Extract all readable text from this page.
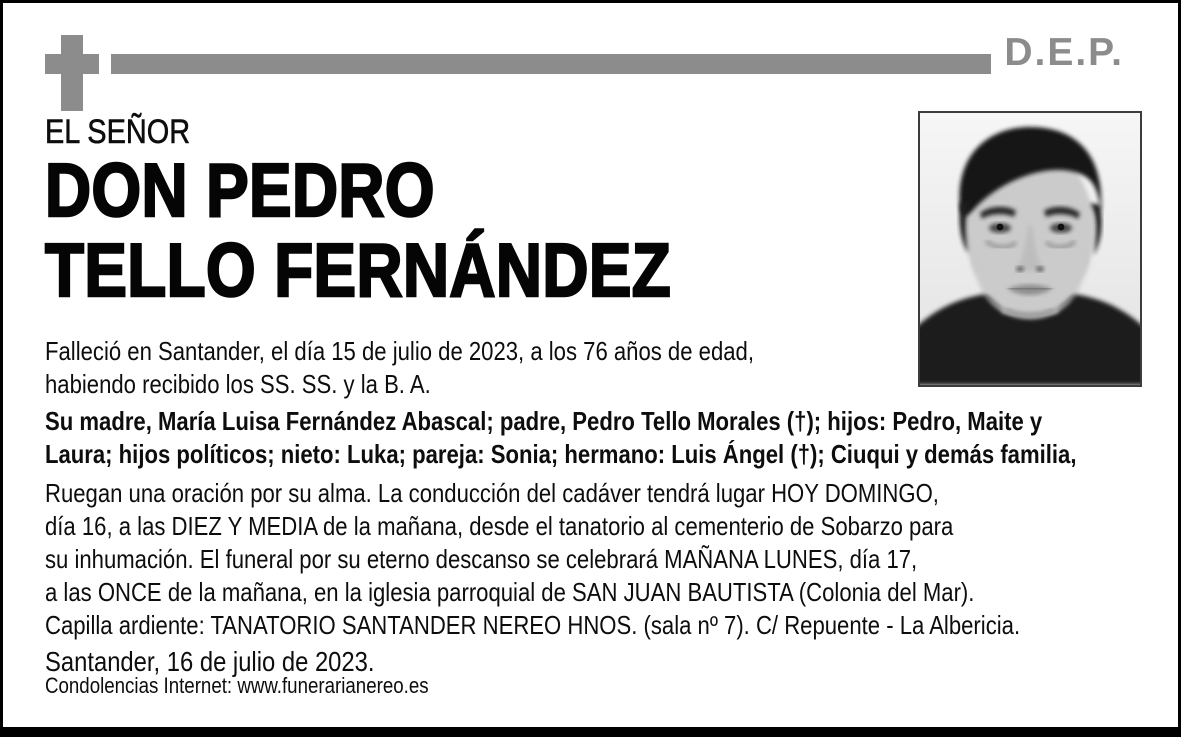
D.E.P.
EL SEÑOR
DON PEDRO
TELLO FERNÁNDEZ
Falleció en Santander, el día 15 de julio de 2023, a los 76 años de edad,
habiendo recibido los SS. SS. y la B. A.
Su madre, María Luisa Fernández Abascal; padre, Pedro Tello Morales (†); hijos: Pedro, Maite y
Laura; hijos políticos; nieto: Luka; pareja: Sonia; hermano: Luis Ángel (†); Ciuqui y demás familia,
Ruegan una oración por su alma. La conducción del cadáver tendrá lugar HOY DOMINGO,
día 16, a las DIEZ Y MEDIA de la mañana, desde el tanatorio al cementerio de Sobarzo para
su inhumación. El funeral por su eterno descanso se celebrará MAÑANA LUNES, día 17,
a las ONCE de la mañana, en la iglesia parroquial de SAN JUAN BAUTISTA (Colonia del Mar).
Capilla ardiente: TANATORIO SANTANDER NEREO HNOS. (sala nº 7). C/ Repuente - La Albericia.
Santander, 16 de julio de 2023.
Condolencias Internet: www.funerarianereo.es
